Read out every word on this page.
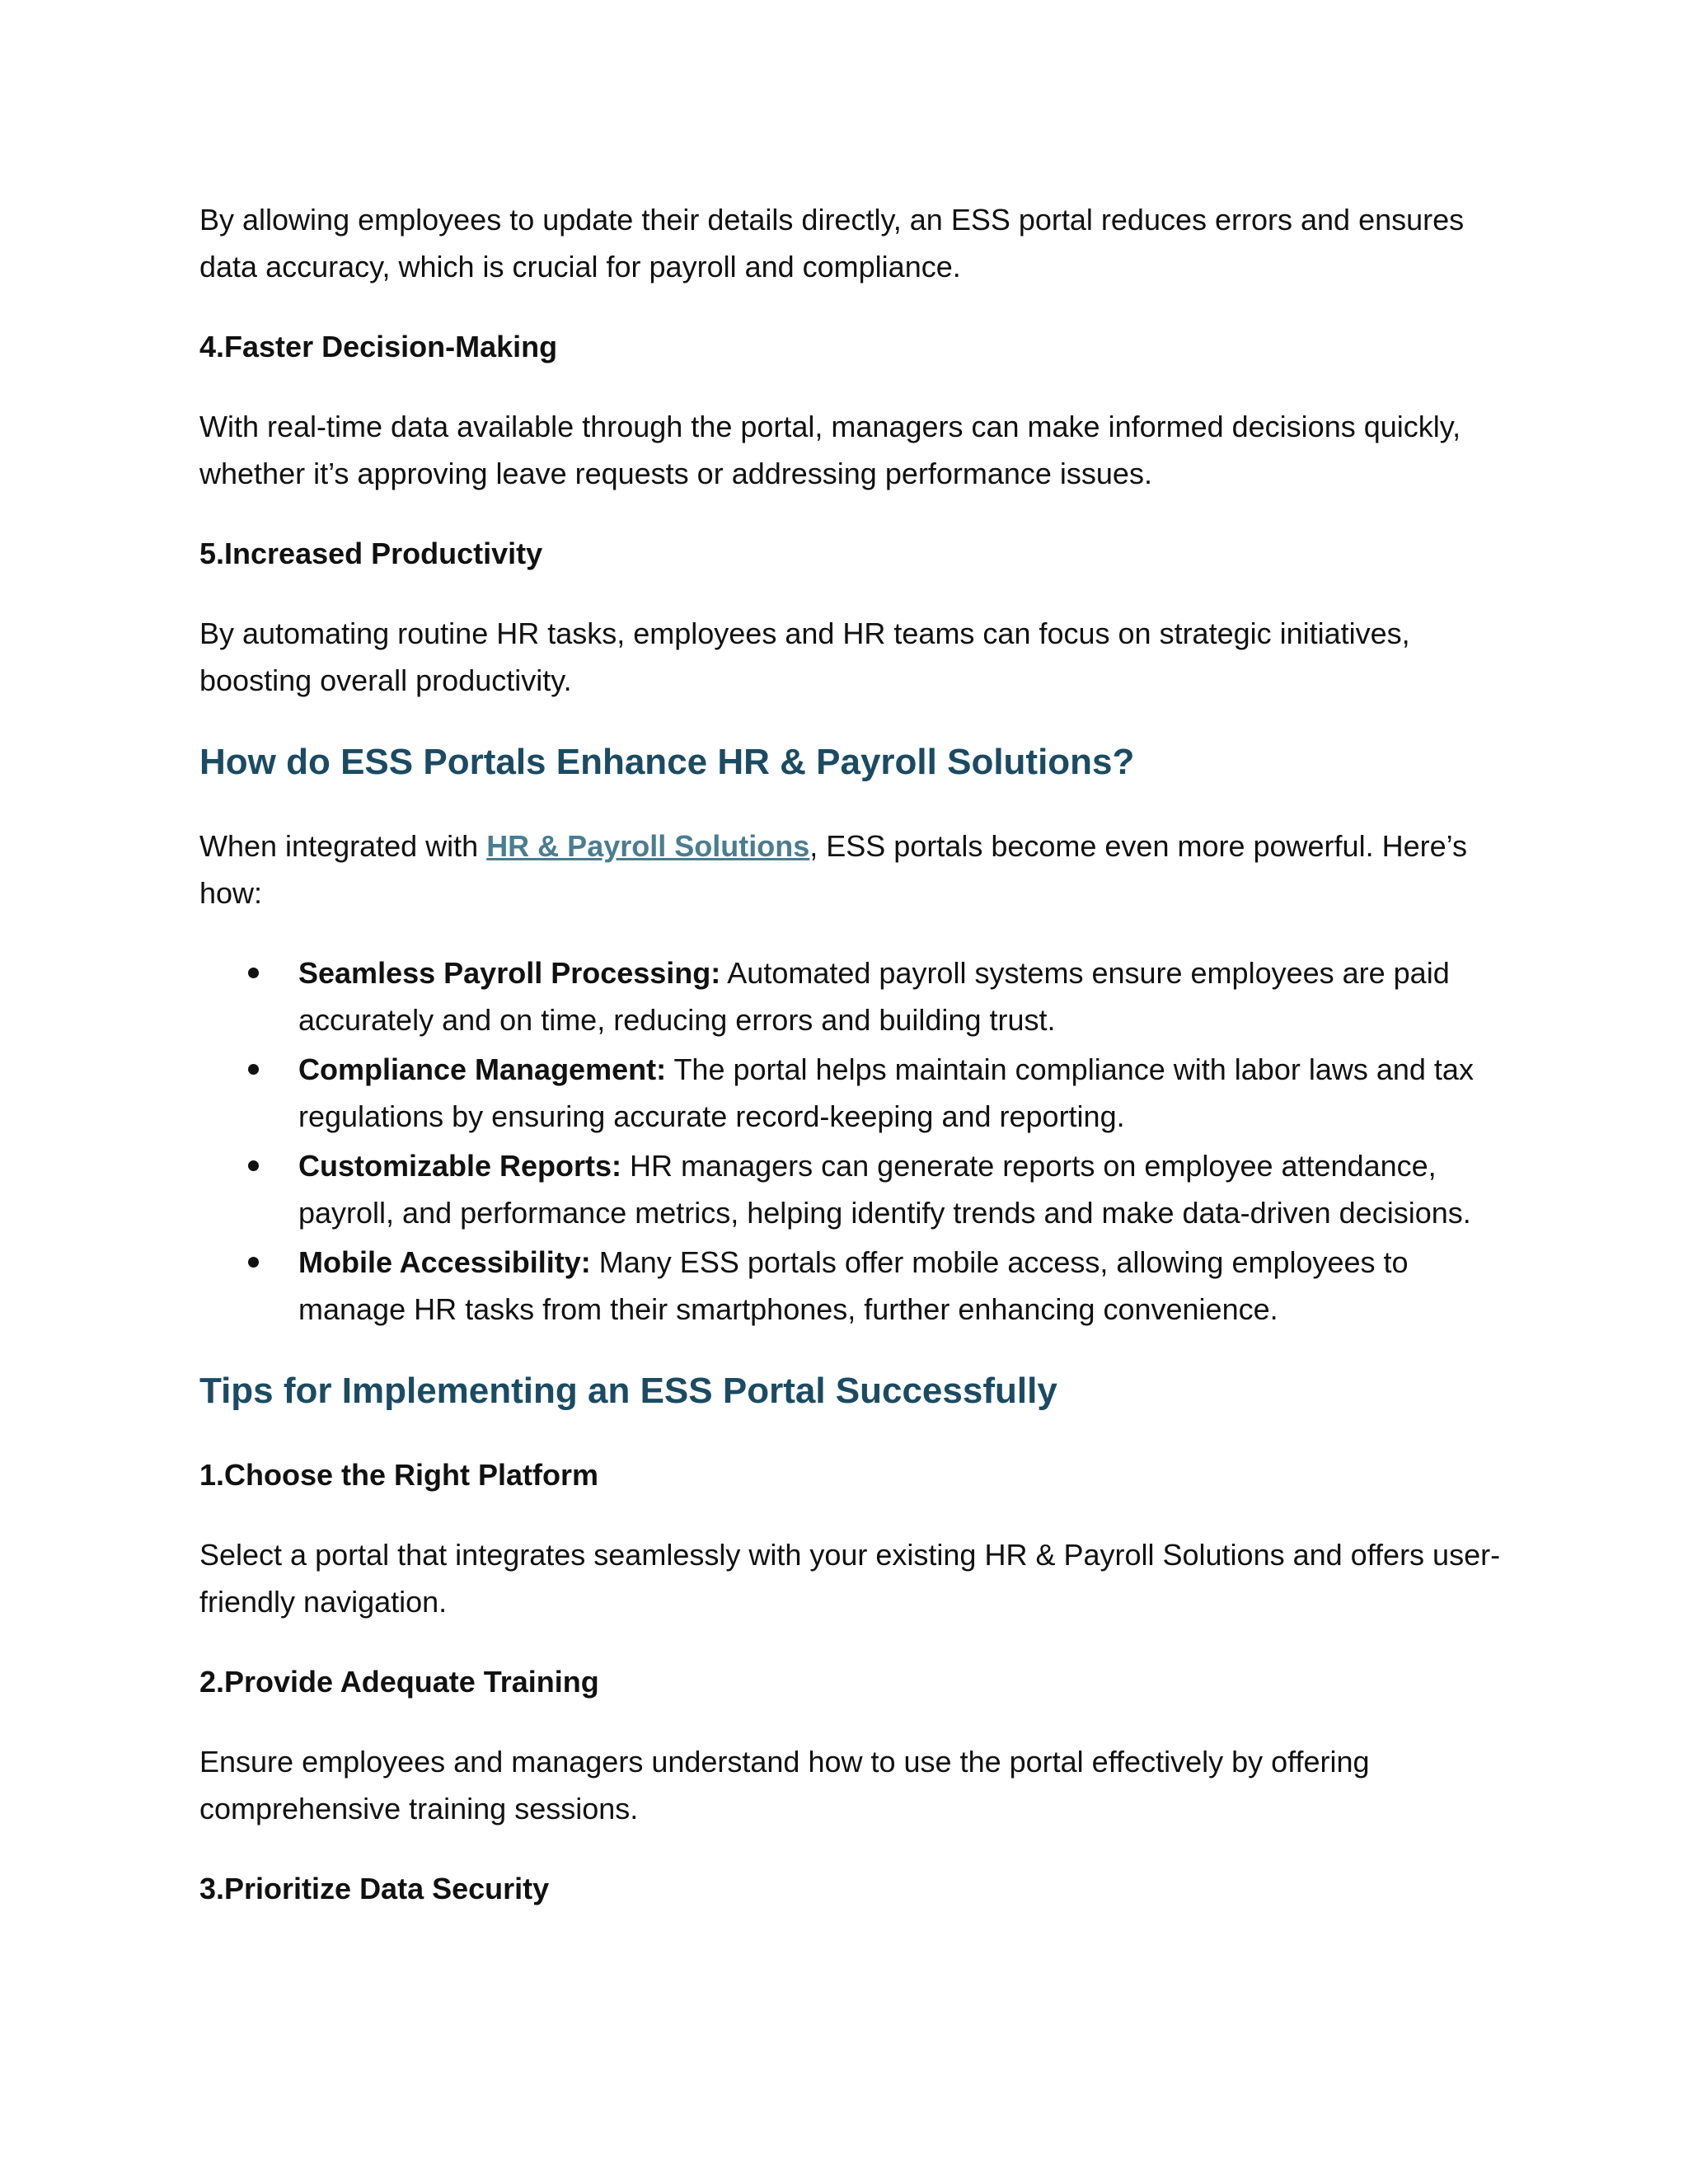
By allowing employees to update their details directly, an ESS portal reduces errors and ensures data accuracy, which is crucial for payroll and compliance.

4.Faster Decision-Making

With real-time data available through the portal, managers can make informed decisions quickly, whether it’s approving leave requests or addressing performance issues.

5.Increased Productivity

By automating routine HR tasks, employees and HR teams can focus on strategic initiatives, boosting overall productivity.

How do ESS Portals Enhance HR & Payroll Solutions?

When integrated with HR & Payroll Solutions, ESS portals become even more powerful. Here’s how:

Seamless Payroll Processing: Automated payroll systems ensure employees are paid accurately and on time, reducing errors and building trust.
Compliance Management: The portal helps maintain compliance with labor laws and tax regulations by ensuring accurate record-keeping and reporting.
Customizable Reports: HR managers can generate reports on employee attendance, payroll, and performance metrics, helping identify trends and make data-driven decisions.
Mobile Accessibility: Many ESS portals offer mobile access, allowing employees to manage HR tasks from their smartphones, further enhancing convenience.
Tips for Implementing an ESS Portal Successfully
1.Choose the Right Platform

Select a portal that integrates seamlessly with your existing HR & Payroll Solutions and offers user-friendly navigation.

2.Provide Adequate Training

Ensure employees and managers understand how to use the portal effectively by offering comprehensive training sessions.

3.Prioritize Data Security
